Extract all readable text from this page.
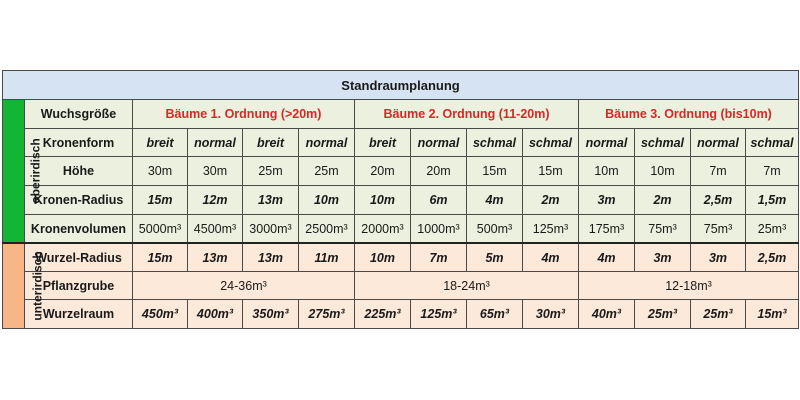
Standraumplanung													
oberirdisch	Wuchsgröße	Bäume 1. Ordnung (>20m)				Bäume 2. Ordnung (11-20m)				Bäume 3. Ordnung (bis10m)			
	Kronenform	breit	normal	breit	normal	breit	normal	schmal	schmal	normal	schmal	normal	schmal
	Höhe	30m	30m	25m	25m	20m	20m	15m	15m	10m	10m	7m	7m
	Kronen-Radius	15m	12m	13m	10m	10m	6m	4m	2m	3m	2m	2,5m	1,5m
	Kronenvolumen	5000m³	4500m³	3000m³	2500m³	2000m³	1000m³	500m³	125m³	175m³	75m³	75m³	25m³
unterirdisch	Wurzel-Radius	15m	13m	13m	11m	10m	7m	5m	4m	4m	3m	3m	2,5m
	Pflanzgrube	24-36m³				18-24m³				12-18m³			
	Wurzelraum	450m³	400m³	350m³	275m³	225m³	125m³	65m³	30m³	40m³	25m³	25m³	15m³
